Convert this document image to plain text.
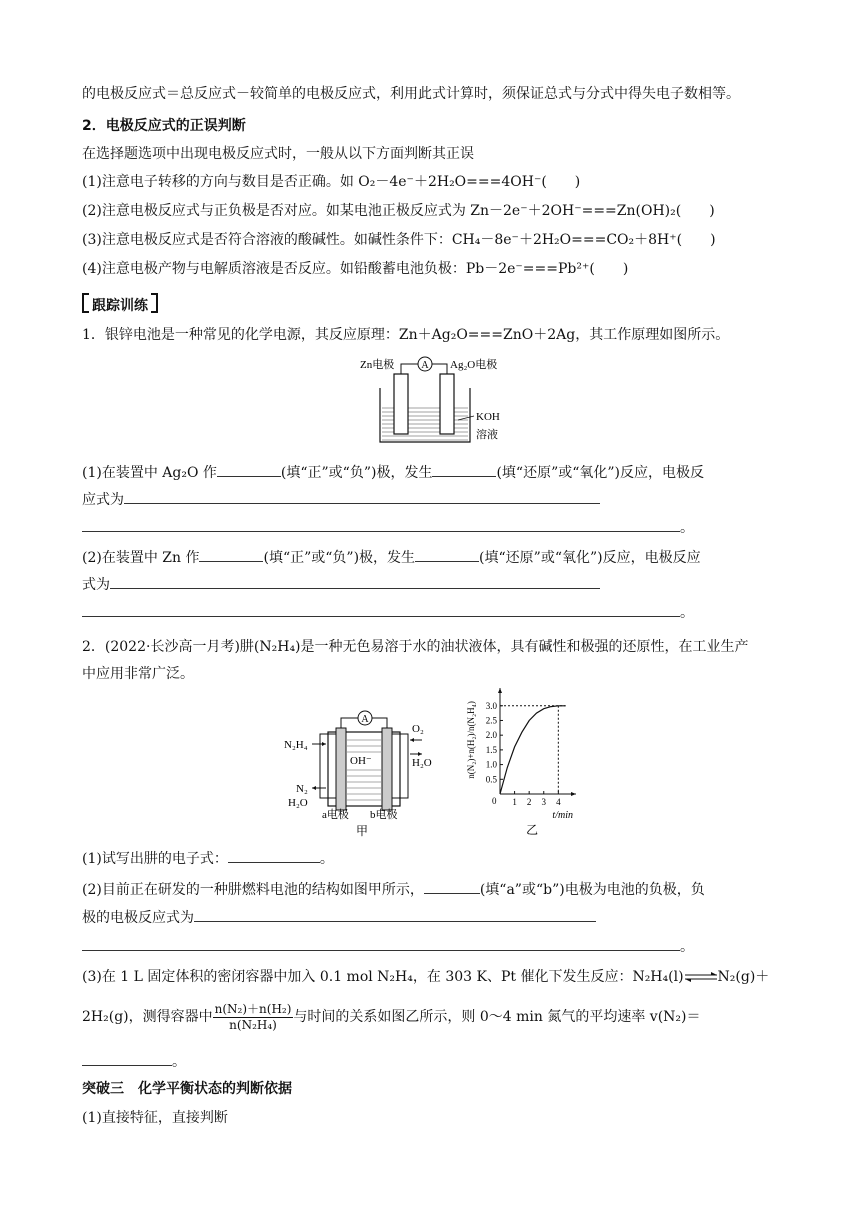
的电极反应式＝总反应式－较简单的电极反应式，利用此式计算时，须保证总式与分式中得失电子数相等。
2．电极反应式的正误判断
在选择题选项中出现电极反应式时，一般从以下方面判断其正误
(1)注意电子转移的方向与数目是否正确。如 O₂－4e⁻＋2H₂O===4OH⁻(　　)
(2)注意电极反应式与正负极是否对应。如某电池正极反应式为 Zn－2e⁻＋2OH⁻===Zn(OH)₂(　　)
(3)注意电极反应式是否符合溶液的酸碱性。如碱性条件下：CH₄－8e⁻＋2H₂O===CO₂＋8H⁺(　　)
(4)注意电极产物与电解质溶液是否反应。如铅酸蓄电池负极：Pb－2e⁻===Pb²⁺(　　)
跟踪训练
1．银锌电池是一种常见的化学电源，其反应原理：Zn＋Ag₂O===ZnO＋2Ag，其工作原理如图所示。
A
Zn电极	Ag₂O电极
KOH
溶液
(1)在装置中 Ag₂O 作	(填“正”或“负”)极，发生	(填“还原”或“氧化”)反应，电极反
应式为
。
(2)在装置中 Zn 作	(填“正”或“负”)极，发生	(填“还原”或“氧化”)反应，电极反应
式为
。
2．(2022·长沙高一月考)肼(N₂H₄)是一种无色易溶于水的油状液体，具有碱性和极强的还原性，在工业生产
中应用非常广泛。
A
N₂H₄
O₂
H₂O
OH⁻
N₂
H₂O
a电极 b电极
甲
0
0.5
1.0
1.5
2.0
2.5
3.0
1 2 3 4
t/min
n(N₂)+n(H₂)/n(N₂H₄)
乙
(1)试写出肼的电子式：	。
(2)目前正在研发的一种肼燃料电池的结构如图甲所示，	(填“a”或“b”)电极为电池的负极，负
极的电极反应式为
。
(3)在 1 L 固定体积的密闭容器中加入 0.1 mol N₂H₄，在 303 K、Pt 催化下发生反应：N₂H₄(l)⇌N₂(g)＋
2H₂(g)，测得容器中 $\frac{\text{n(N₂)＋n(H₂)}}{\text{n(N₂H₄)}}$ 与时间的关系如图乙所示，则 0～4 min 氮气的平均速率 v(N₂)＝
。
突破三　化学平衡状态的判断依据
(1)直接特征，直接判断
